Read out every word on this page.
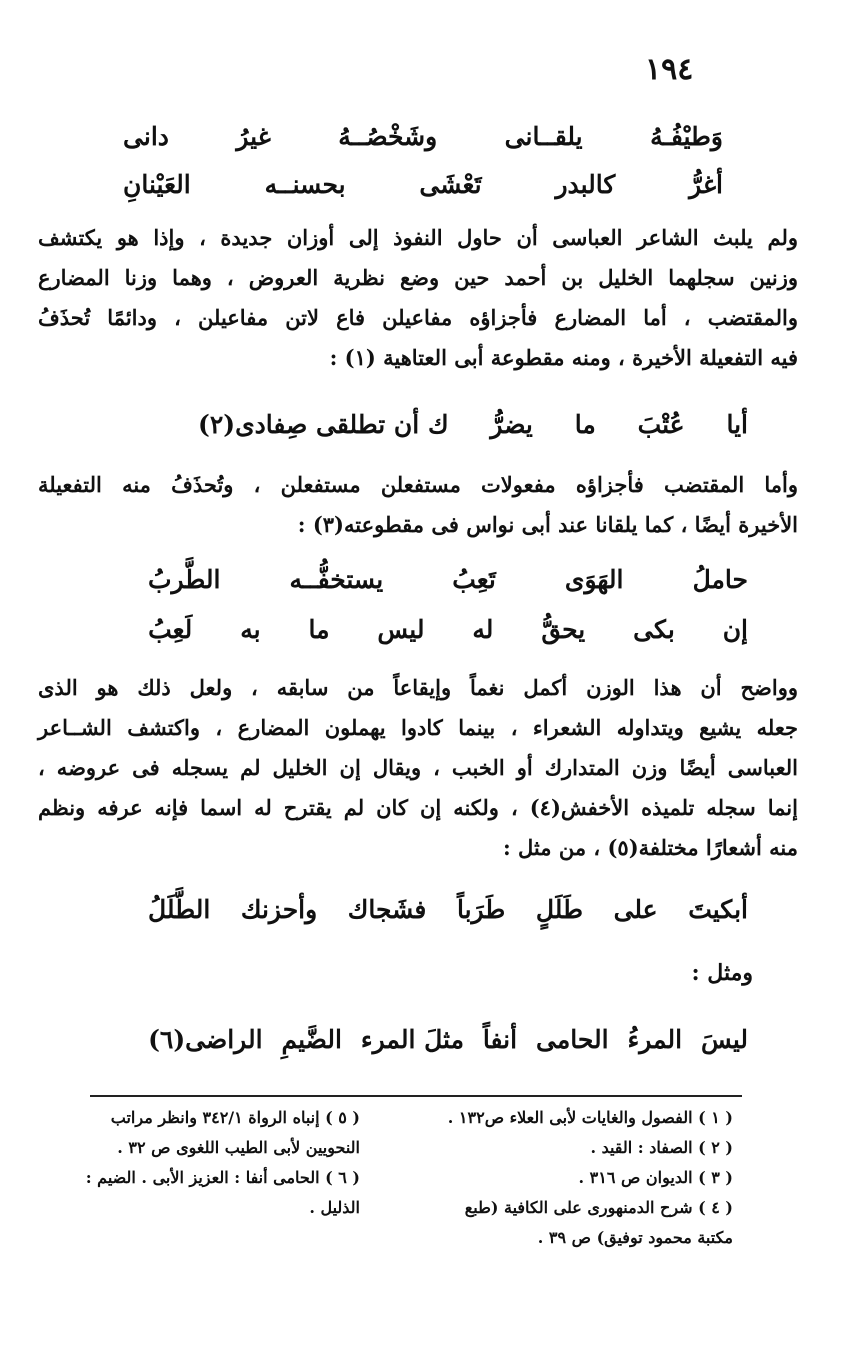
١٩٤
وَطيْفُـهُ
يلقــانى
وشَخْصُــهُ
غيرُ
دانى
أغرُّ
كالبدر
تَعْشَى
بحسنــه
العَيْنانِ
ولم يلبث الشاعر العباسى أن حاول النفوذ إلى أوزان جديدة ، وإذا هو يكتشف
وزنين سجلهما الخليل بن أحمد حين وضع نظرية العروض ، وهما وزنا المضارع
والمقتضب ، أما المضارع فأجزاؤه مفاعيلن فاع لاتن مفاعيلن ، ودائمًا تُحذَفُ
فيه التفعيلة الأخيرة ، ومنه مقطوعة أبى العتاهية (١) :
أيا
عُتْبَ
ما
يضرُّ
ك أن تطلقى صِفادى(٢)
وأما المقتضب فأجزاؤه مفعولات مستفعلن مستفعلن ، وتُحذَفُ منه التفعيلة
الأخيرة أيضًا ، كما يلقانا عند أبى نواس فى مقطوعته(٣) :
حاملُ
الهَوَى
تَعِبُ
يستخفُّــه
الطَّربُ
إن
بكى
يحقُّ
له
ليس
ما
به
لَعِبُ
وواضح أن هذا الوزن أكمل نغماً وإيقاعاً من سابقه ، ولعل ذلك هو الذى
جعله يشيع ويتداوله الشعراء ، بينما كادوا يهملون المضارع ، واكتشف الشــاعر
العباسى أيضًا وزن المتدارك أو الخبب ، ويقال إن الخليل لم يسجله فى عروضه ،
إنما سجله تلميذه الأخفش(٤) ، ولكنه إن كان لم يقترح له اسما فإنه عرفه ونظم
منه أشعارًا مختلفة(٥) ، من مثل :
أبكيتَ
على
طَلَلٍ
طَرَباً
فشَجاك
وأحزنك
الطَّلَلُ
ومثل :
ليسَ
المرءُ
الحامى
أنفاً
مثلَ المرء
الضَّيمِ
الراضى(٦)
( ١ ) الفصول والغايات لأبى العلاء ص١٣٢ .
( ٢ ) الصفاد : القيد .
( ٣ ) الديوان ص ٣١٦ .
( ٤ ) شرح الدمنهورى على الكافية (طبع
مكتبة محمود توفيق) ص ٣٩ .
( ٥ ) إنباه الرواة ٣٤٢/١ وانظر مراتب
النحويين لأبى الطيب اللغوى ص ٣٢ .
( ٦ ) الحامى أنفا : العزيز الأبى . الضيم :
الذليل .
